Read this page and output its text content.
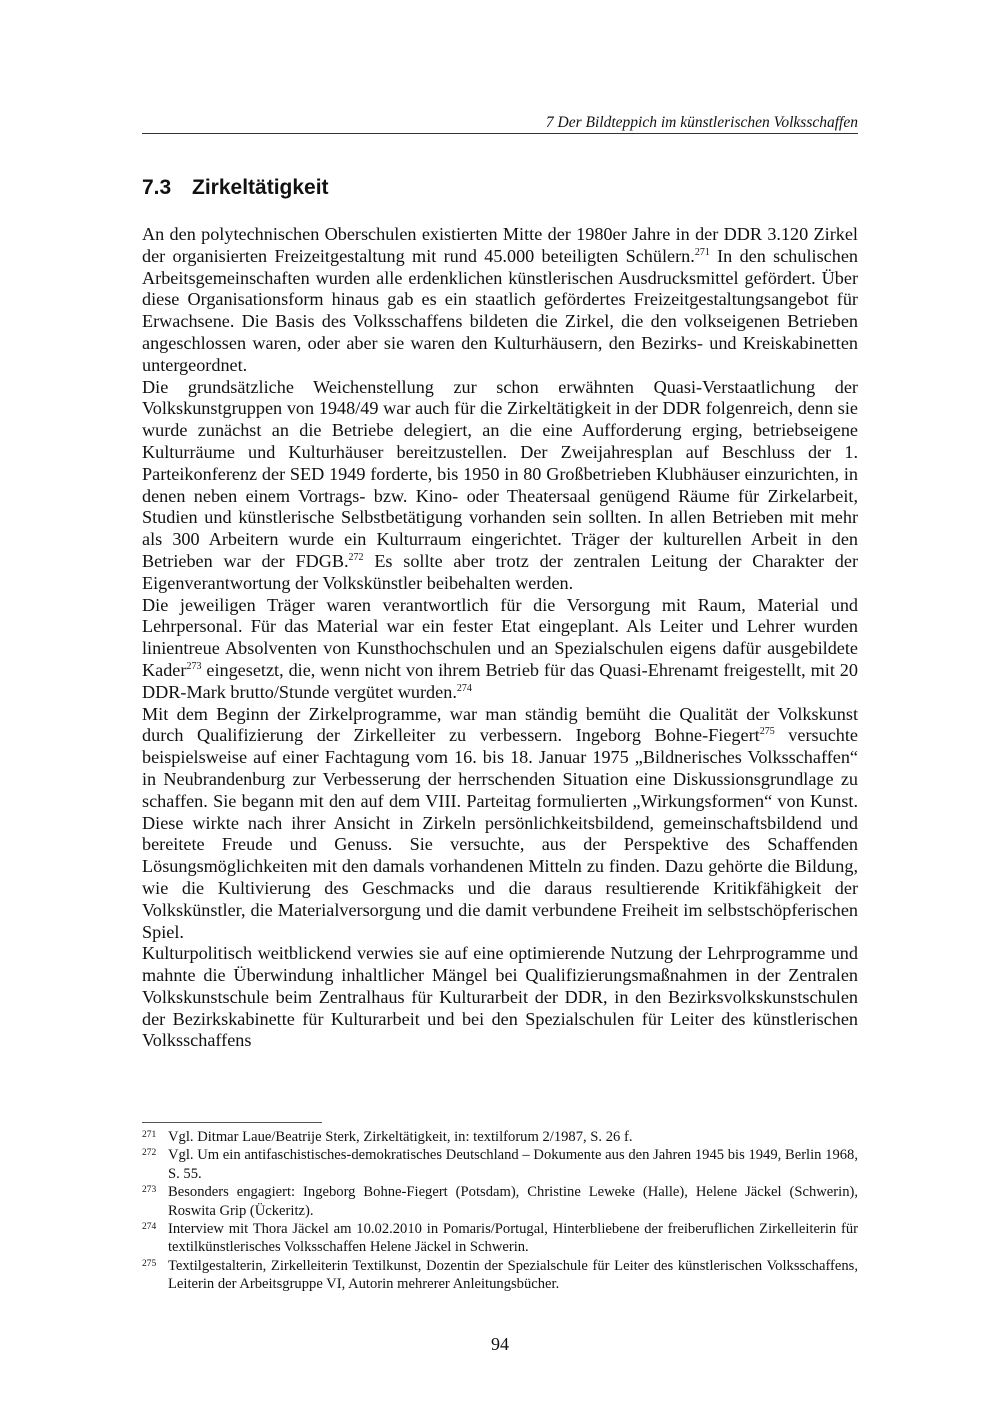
7 Der Bildteppich im künstlerischen Volksschaffen
7.3 Zirkeltätigkeit

An den polytechnischen Oberschulen existierten Mitte der 1980er Jahre in der DDR 3.120 Zirkel der organisierten Freizeitgestaltung mit rund 45.000 beteiligten Schülern.$^{271}$ In den schulischen Arbeitsgemeinschaften wurden alle erdenklichen künstlerischen Ausdrucksmittel gefördert. Über diese Organisationsform hinaus gab es ein staatlich gefördertes Freizeitgestaltungsangebot für Erwachsene. Die Basis des Volksschaffens bildeten die Zirkel, die den volkseigenen Betrieben angeschlossen waren, oder aber sie waren den Kulturhäusern, den Bezirks- und Kreiskabinetten untergeordnet.

Die grundsätzliche Weichenstellung zur schon erwähnten Quasi-Verstaatlichung der Volkskunstgruppen von 1948/49 war auch für die Zirkeltätigkeit in der DDR folgenreich, denn sie wurde zunächst an die Betriebe delegiert, an die eine Aufforderung erging, betriebseigene Kulturräume und Kulturhäuser bereitzustellen. Der Zweijahresplan auf Beschluss der 1. Parteikonferenz der SED 1949 forderte, bis 1950 in 80 Großbetrieben Klubhäuser einzurichten, in denen neben einem Vortrags- bzw. Kino- oder Theatersaal genügend Räume für Zirkelarbeit, Studien und künstlerische Selbstbetätigung vorhanden sein sollten. In allen Betrieben mit mehr als 300 Arbeitern wurde ein Kulturraum eingerichtet. Träger der kulturellen Arbeit in den Betrieben war der FDGB.$^{272}$ Es sollte aber trotz der zentralen Leitung der Charakter der Eigenverantwortung der Volkskünstler beibehalten werden.

Die jeweiligen Träger waren verantwortlich für die Versorgung mit Raum, Material und Lehrpersonal. Für das Material war ein fester Etat eingeplant. Als Leiter und Lehrer wurden linientreue Absolventen von Kunsthochschulen und an Spezialschulen eigens dafür ausgebildete Kader$^{273}$ eingesetzt, die, wenn nicht von ihrem Betrieb für das Quasi-Ehrenamt freigestellt, mit 20 DDR-Mark brutto/Stunde vergütet wurden.$^{274}$

Mit dem Beginn der Zirkelprogramme, war man ständig bemüht die Qualität der Volkskunst durch Qualifizierung der Zirkelleiter zu verbessern. Ingeborg Bohne-Fiegert$^{275}$ versuchte beispielsweise auf einer Fachtagung vom 16. bis 18. Januar 1975 „Bildnerisches Volksschaffen“ in Neubrandenburg zur Verbesserung der herrschenden Situation eine Diskussionsgrundlage zu schaffen. Sie begann mit den auf dem VIII. Parteitag formulierten „Wirkungsformen“ von Kunst. Diese wirkte nach ihrer Ansicht in Zirkeln persönlichkeitsbildend, gemeinschaftsbildend und bereitete Freude und Genuss. Sie versuchte, aus der Perspektive des Schaffenden Lösungsmöglichkeiten mit den damals vorhandenen Mitteln zu finden. Dazu gehörte die Bildung, wie die Kultivierung des Geschmacks und die daraus resultierende Kritikfähigkeit der Volkskünstler, die Materialversorgung und die damit verbundene Freiheit im selbstschöpferischen Spiel.

Kulturpolitisch weitblickend verwies sie auf eine optimierende Nutzung der Lehrprogramme und mahnte die Überwindung inhaltlicher Mängel bei Qualifizierungsmaßnahmen in der Zentralen Volkskunstschule beim Zentralhaus für Kulturarbeit der DDR, in den Bezirksvolkskunstschulen der Bezirkskabinette für Kulturarbeit und bei den Spezialschulen für Leiter des künstlerischen Volksschaffens

271 Vgl. Ditmar Laue/Beatrije Sterk, Zirkeltätigkeit, in: textilforum 2/1987, S. 26 f.
272 Vgl. Um ein antifaschistisches-demokratisches Deutschland – Dokumente aus den Jahren 1945 bis 1949, Berlin 1968, S. 55.
273 Besonders engagiert: Ingeborg Bohne-Fiegert (Potsdam), Christine Leweke (Halle), Helene Jäckel (Schwerin), Roswita Grip (Ückeritz).
274 Interview mit Thora Jäckel am 10.02.2010 in Pomaris/Portugal, Hinterbliebene der freiberuflichen Zirkelleiterin für textilkünstlerisches Volksschaffen Helene Jäckel in Schwerin.
275 Textilgestalterin, Zirkelleiterin Textilkunst, Dozentin der Spezialschule für Leiter des künstlerischen Volksschaffens, Leiterin der Arbeitsgruppe VI, Autorin mehrerer Anleitungsbücher.
94
